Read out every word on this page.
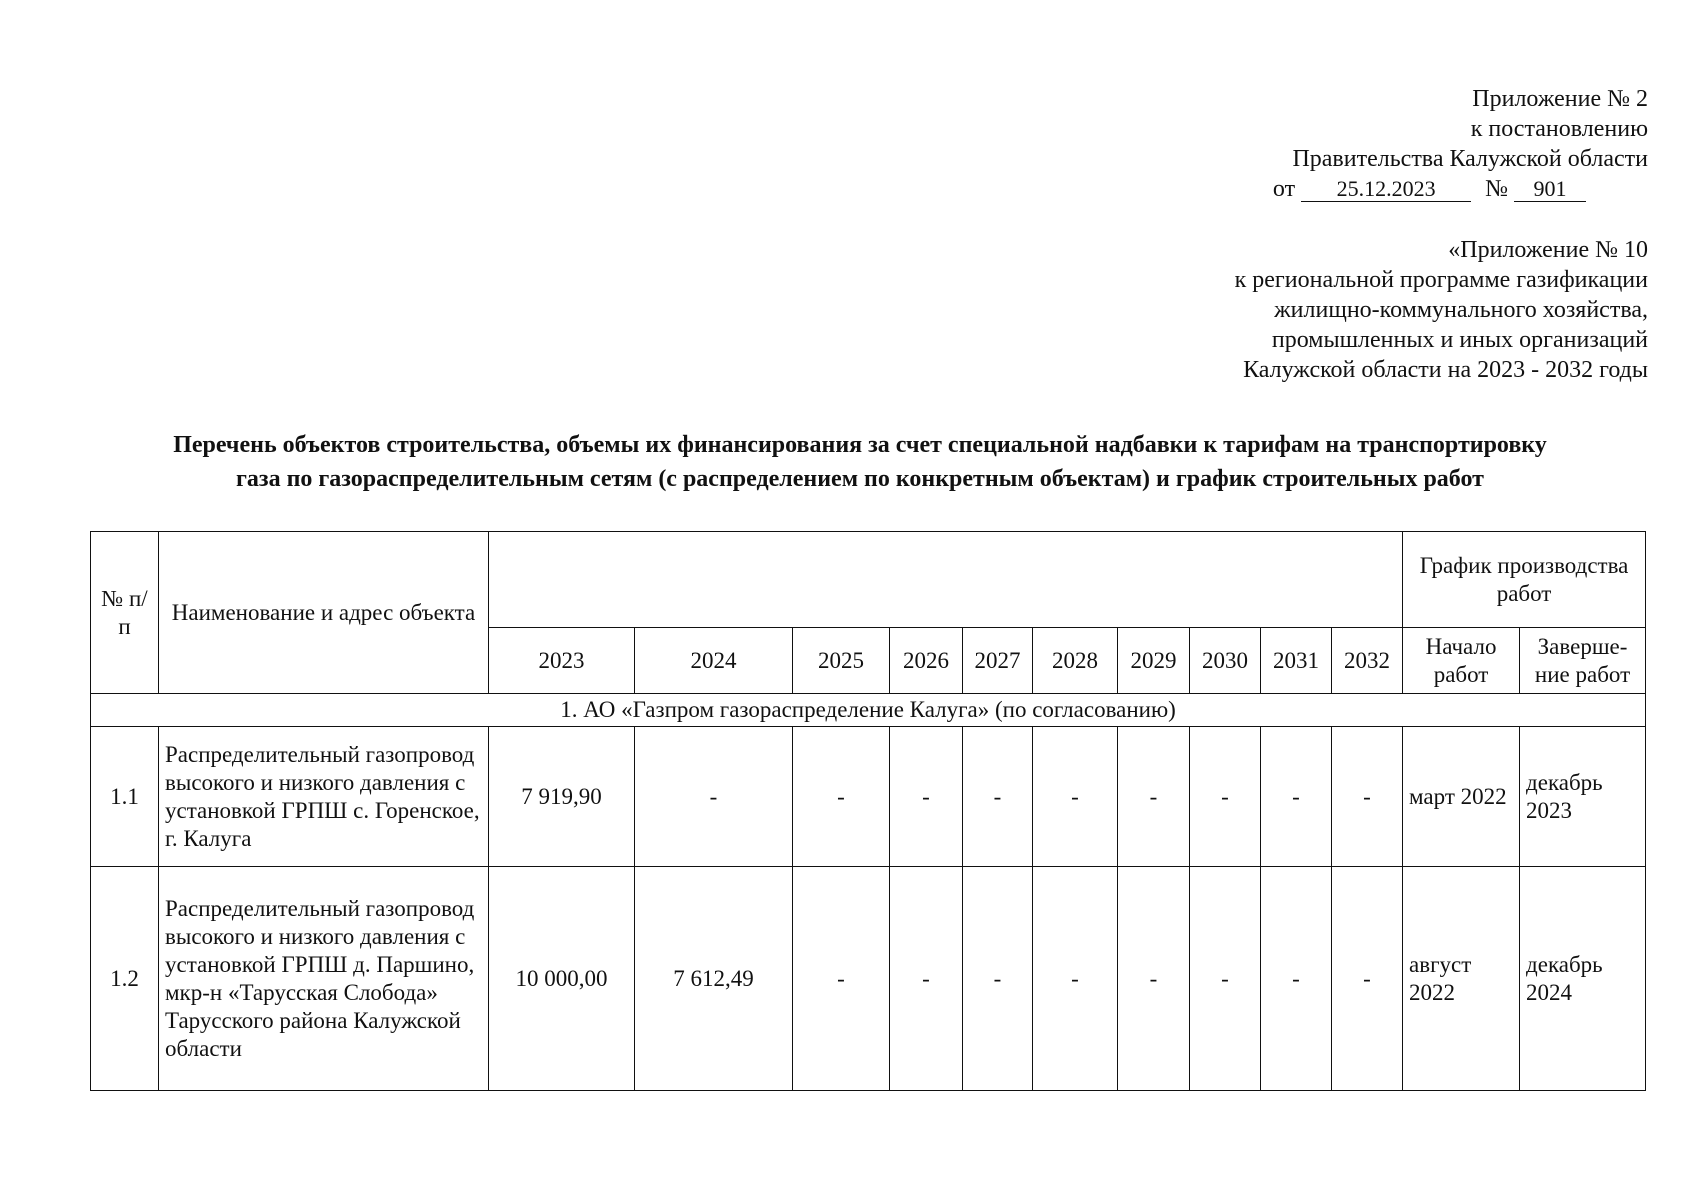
Приложение № 2
к постановлению
Правительства Калужской области
от 25.12.2023 № 901
«Приложение № 10
к региональной программе газификации
жилищно-коммунального хозяйства,
промышленных и иных организаций
Калужской области на 2023 - 2032 годы
Перечень объектов строительства, объемы их финансирования за счет специальной надбавки к тарифам на транспортировку
газа по газораспределительным сетям (с распределением по конкретным объектам) и график строительных работ
№ п/п	Наименование и адрес объекта											График производства работ	
		2023	2024	2025	2026	2027	2028	2029	2030	2031	2032	Начало работ	Заверше-ние работ
1. АО «Газпром газораспределение Калуга» (по согласованию)													
1.1	Распределительный газопровод высокого и низкого давления с установкой ГРПШ с. Горенское, г. Калуга	7 919,90	-	-	-	-	-	-	-	-	-	март 2022	декабрь 2023
1.2	Распределительный газопровод высокого и низкого давления с установкой ГРПШ д. Паршино, мкр-н «Тарусская Слобода» Тарусского района Калужской области	10 000,00	7 612,49	-	-	-	-	-	-	-	-	август 2022	декабрь 2024
